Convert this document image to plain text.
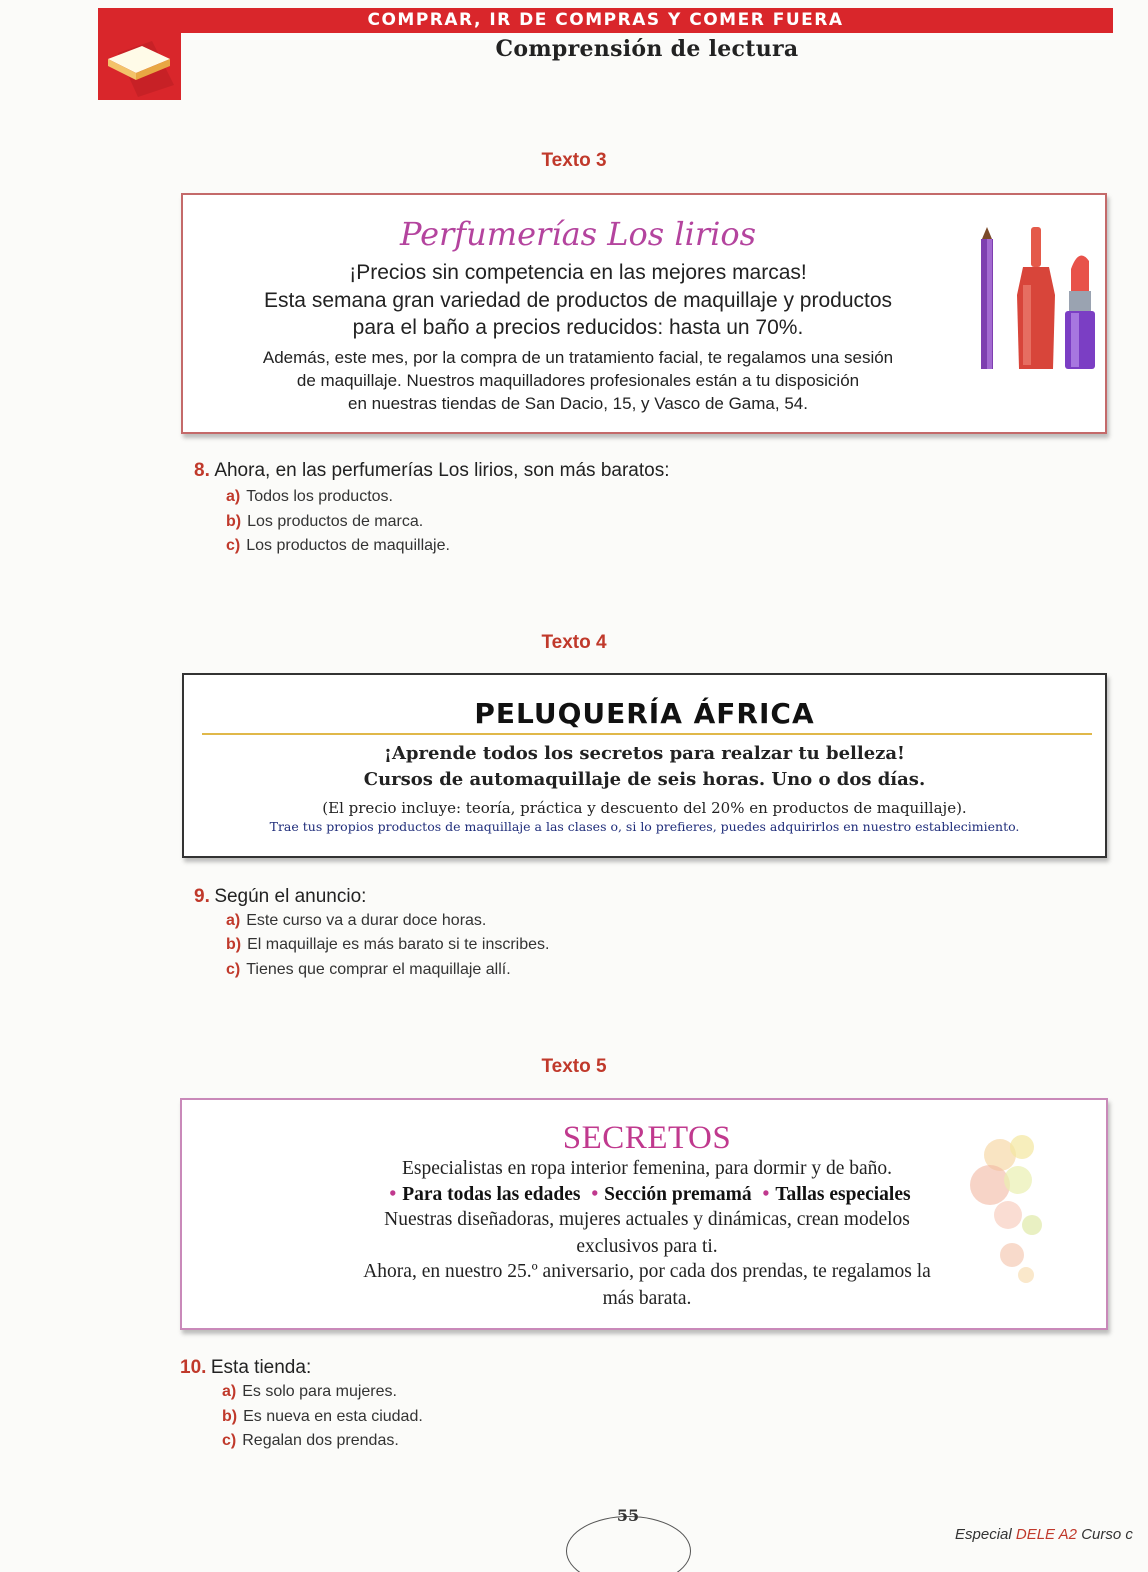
COMPRAR, IR DE COMPRAS Y COMER FUERA
Comprensión de lectura
Texto 3
Perfumerías Los lirios
¡Precios sin competencia en las mejores marcas!
Esta semana gran variedad de productos de maquillaje y productos
para el baño a precios reducidos: hasta un 70%.
Además, este mes, por la compra de un tratamiento facial, te regalamos una sesión
de maquillaje. Nuestros maquilladores profesionales están a tu disposición
en nuestras tiendas de San Dacio, 15, y Vasco de Gama, 54.
8. Ahora, en las perfumerías Los lirios, son más baratos:
a) Todos los productos.
b) Los productos de marca.
c) Los productos de maquillaje.
Texto 4
PELUQUERÍA ÁFRICA
¡Aprende todos los secretos para realzar tu belleza!
Cursos de automaquillaje de seis horas. Uno o dos días.
(El precio incluye: teoría, práctica y descuento del 20% en productos de maquillaje).
Trae tus propios productos de maquillaje a las clases o, si lo prefieres, puedes adquirirlos en nuestro establecimiento.
9. Según el anuncio:
a) Este curso va a durar doce horas.
b) El maquillaje es más barato si te inscribes.
c) Tienes que comprar el maquillaje allí.
Texto 5
SECRETOS
Especialistas en ropa interior femenina, para dormir y de baño.
• Para todas las edades • Sección premamá • Tallas especiales
Nuestras diseñadoras, mujeres actuales y dinámicas, crean modelos
exclusivos para ti.
Ahora, en nuestro 25.º aniversario, por cada dos prendas, te regalamos la
más barata.
10. Esta tienda:
a) Es solo para mujeres.
b) Es nueva en esta ciudad.
c) Regalan dos prendas.
55
Especial DELE A2 Curso c
